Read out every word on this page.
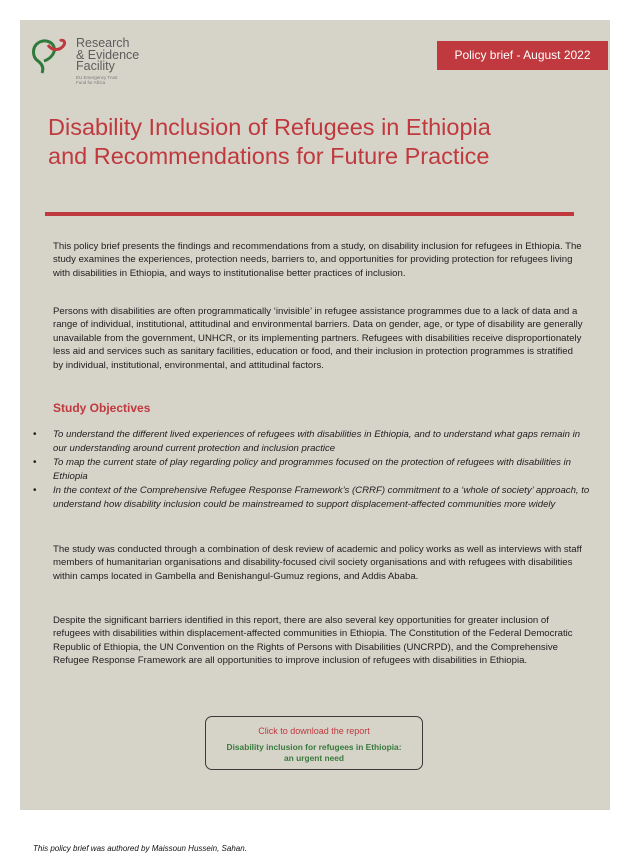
Research
& Evidence
Facility
EU Emergency Trust
Fund for Africa
Policy brief - August 2022
Disability Inclusion of Refugees in Ethiopia
and Recommendations for Future Practice

This policy brief presents the findings and recommendations from a study, on disability inclusion for refugees in Ethiopia. The study examines the experiences, protection needs, barriers to, and opportunities for providing protection for refugees living with disabilities in Ethiopia, and ways to institutionalise better practices of inclusion.

Persons with disabilities are often programmatically ‘invisible’ in refugee assistance programmes due to a lack of data and a range of individual, institutional, attitudinal and environmental barriers. Data on gender, age, or type of disability are generally unavailable from the government, UNHCR, or its implementing partners. Refugees with disabilities receive disproportionately less aid and services such as sanitary facilities, education or food, and their inclusion in protection programmes is stratified by individual, institutional, environmental, and attitudinal factors.

Study Objectives
• To understand the different lived experiences of refugees with disabilities in Ethiopia, and to understand what gaps remain in our understanding around current protection and inclusion practice
• To map the current state of play regarding policy and programmes focused on the protection of refugees with disabilities in Ethiopia
• In the context of the Comprehensive Refugee Response Framework’s (CRRF) commitment to a ‘whole of society’ approach, to understand how disability inclusion could be mainstreamed to support displacement-affected communities more widely

The study was conducted through a combination of desk review of academic and policy works as well as interviews with staff members of humanitarian organisations and disability-focused civil society organisations and with refugees with disabilities within camps located in Gambella and Benishangul-Gumuz regions, and Addis Ababa.

Despite the significant barriers identified in this report, there are also several key opportunities for greater inclusion of refugees with disabilities within displacement-affected communities in Ethiopia. The Constitution of the Federal Democratic Republic of Ethiopia, the UN Convention on the Rights of Persons with Disabilities (UNCRPD), and the Comprehensive Refugee Response Framework are all opportunities to improve inclusion of refugees with disabilities in Ethiopia.

Click to download the report
Disability inclusion for refugees in Ethiopia:
an urgent need
This policy brief was authored by Maissoun Hussein, Sahan.
